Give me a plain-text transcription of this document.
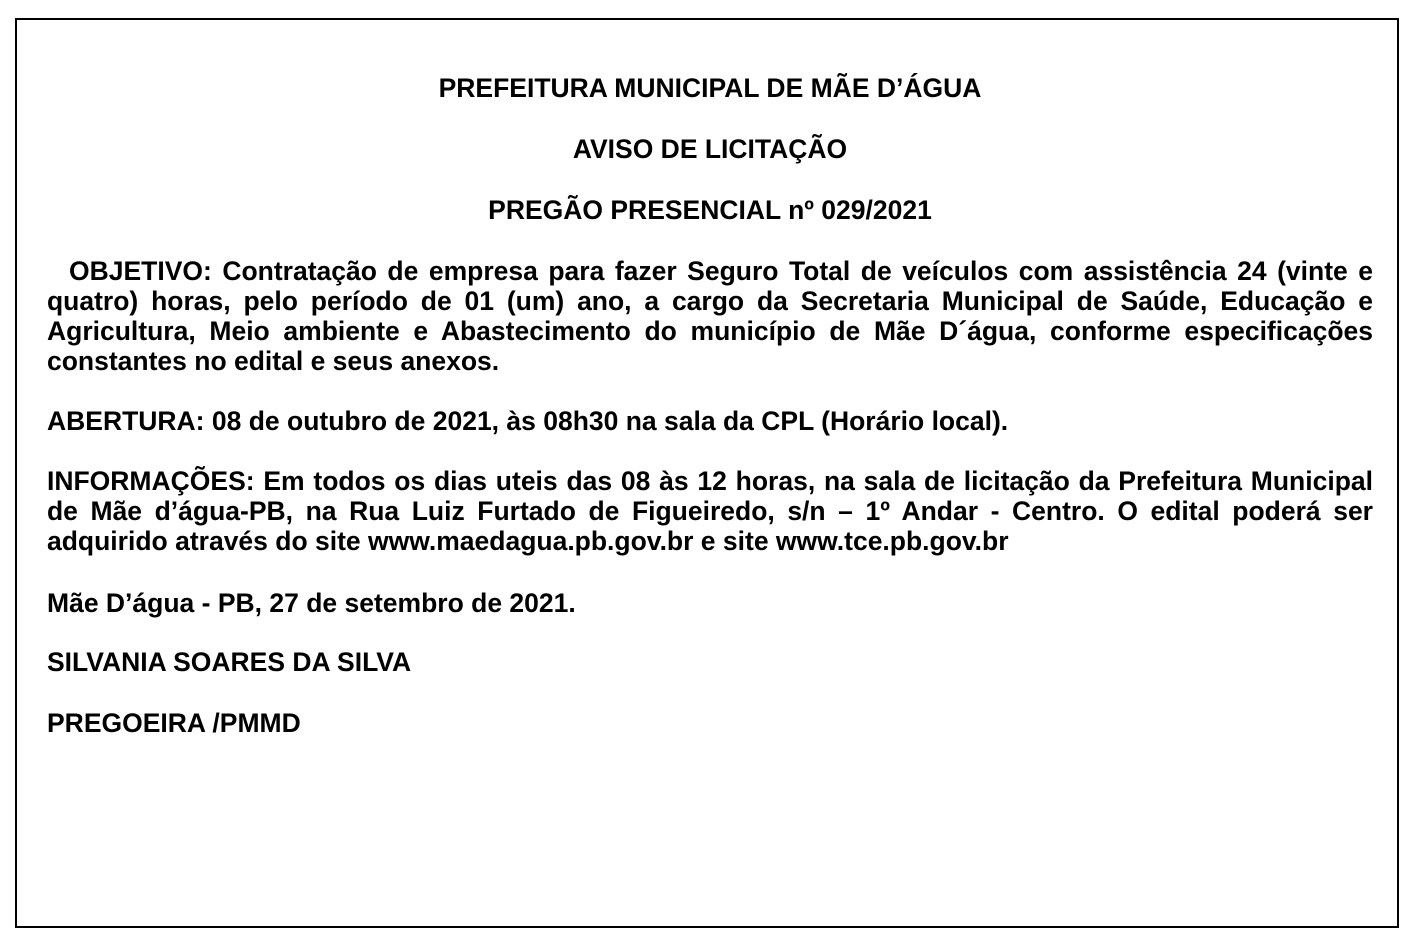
PREFEITURA MUNICIPAL DE MÃE D’ÁGUA
AVISO DE LICITAÇÃO
PREGÃO PRESENCIAL nº 029/2021
OBJETIVO: Contratação de empresa para fazer Seguro Total de veículos com assistência 24 (vinte e quatro) horas, pelo período de 01 (um) ano, a cargo da Secretaria Municipal de Saúde, Educação e Agricultura, Meio ambiente e Abastecimento do município de Mãe D´água, conforme especificações constantes no edital e seus anexos.
ABERTURA: 08 de outubro de 2021, às 08h30 na sala da CPL (Horário local).
INFORMAÇÕES: Em todos os dias uteis das 08 às 12 horas, na sala de licitação da Prefeitura Municipal de Mãe d’água-PB, na Rua Luiz Furtado de Figueiredo, s/n – 1º Andar - Centro. O edital poderá ser adquirido através do site www.maedagua.pb.gov.br e site www.tce.pb.gov.br
Mãe D’água - PB, 27 de setembro de 2021.
SILVANIA SOARES DA SILVA
PREGOEIRA /PMMD
